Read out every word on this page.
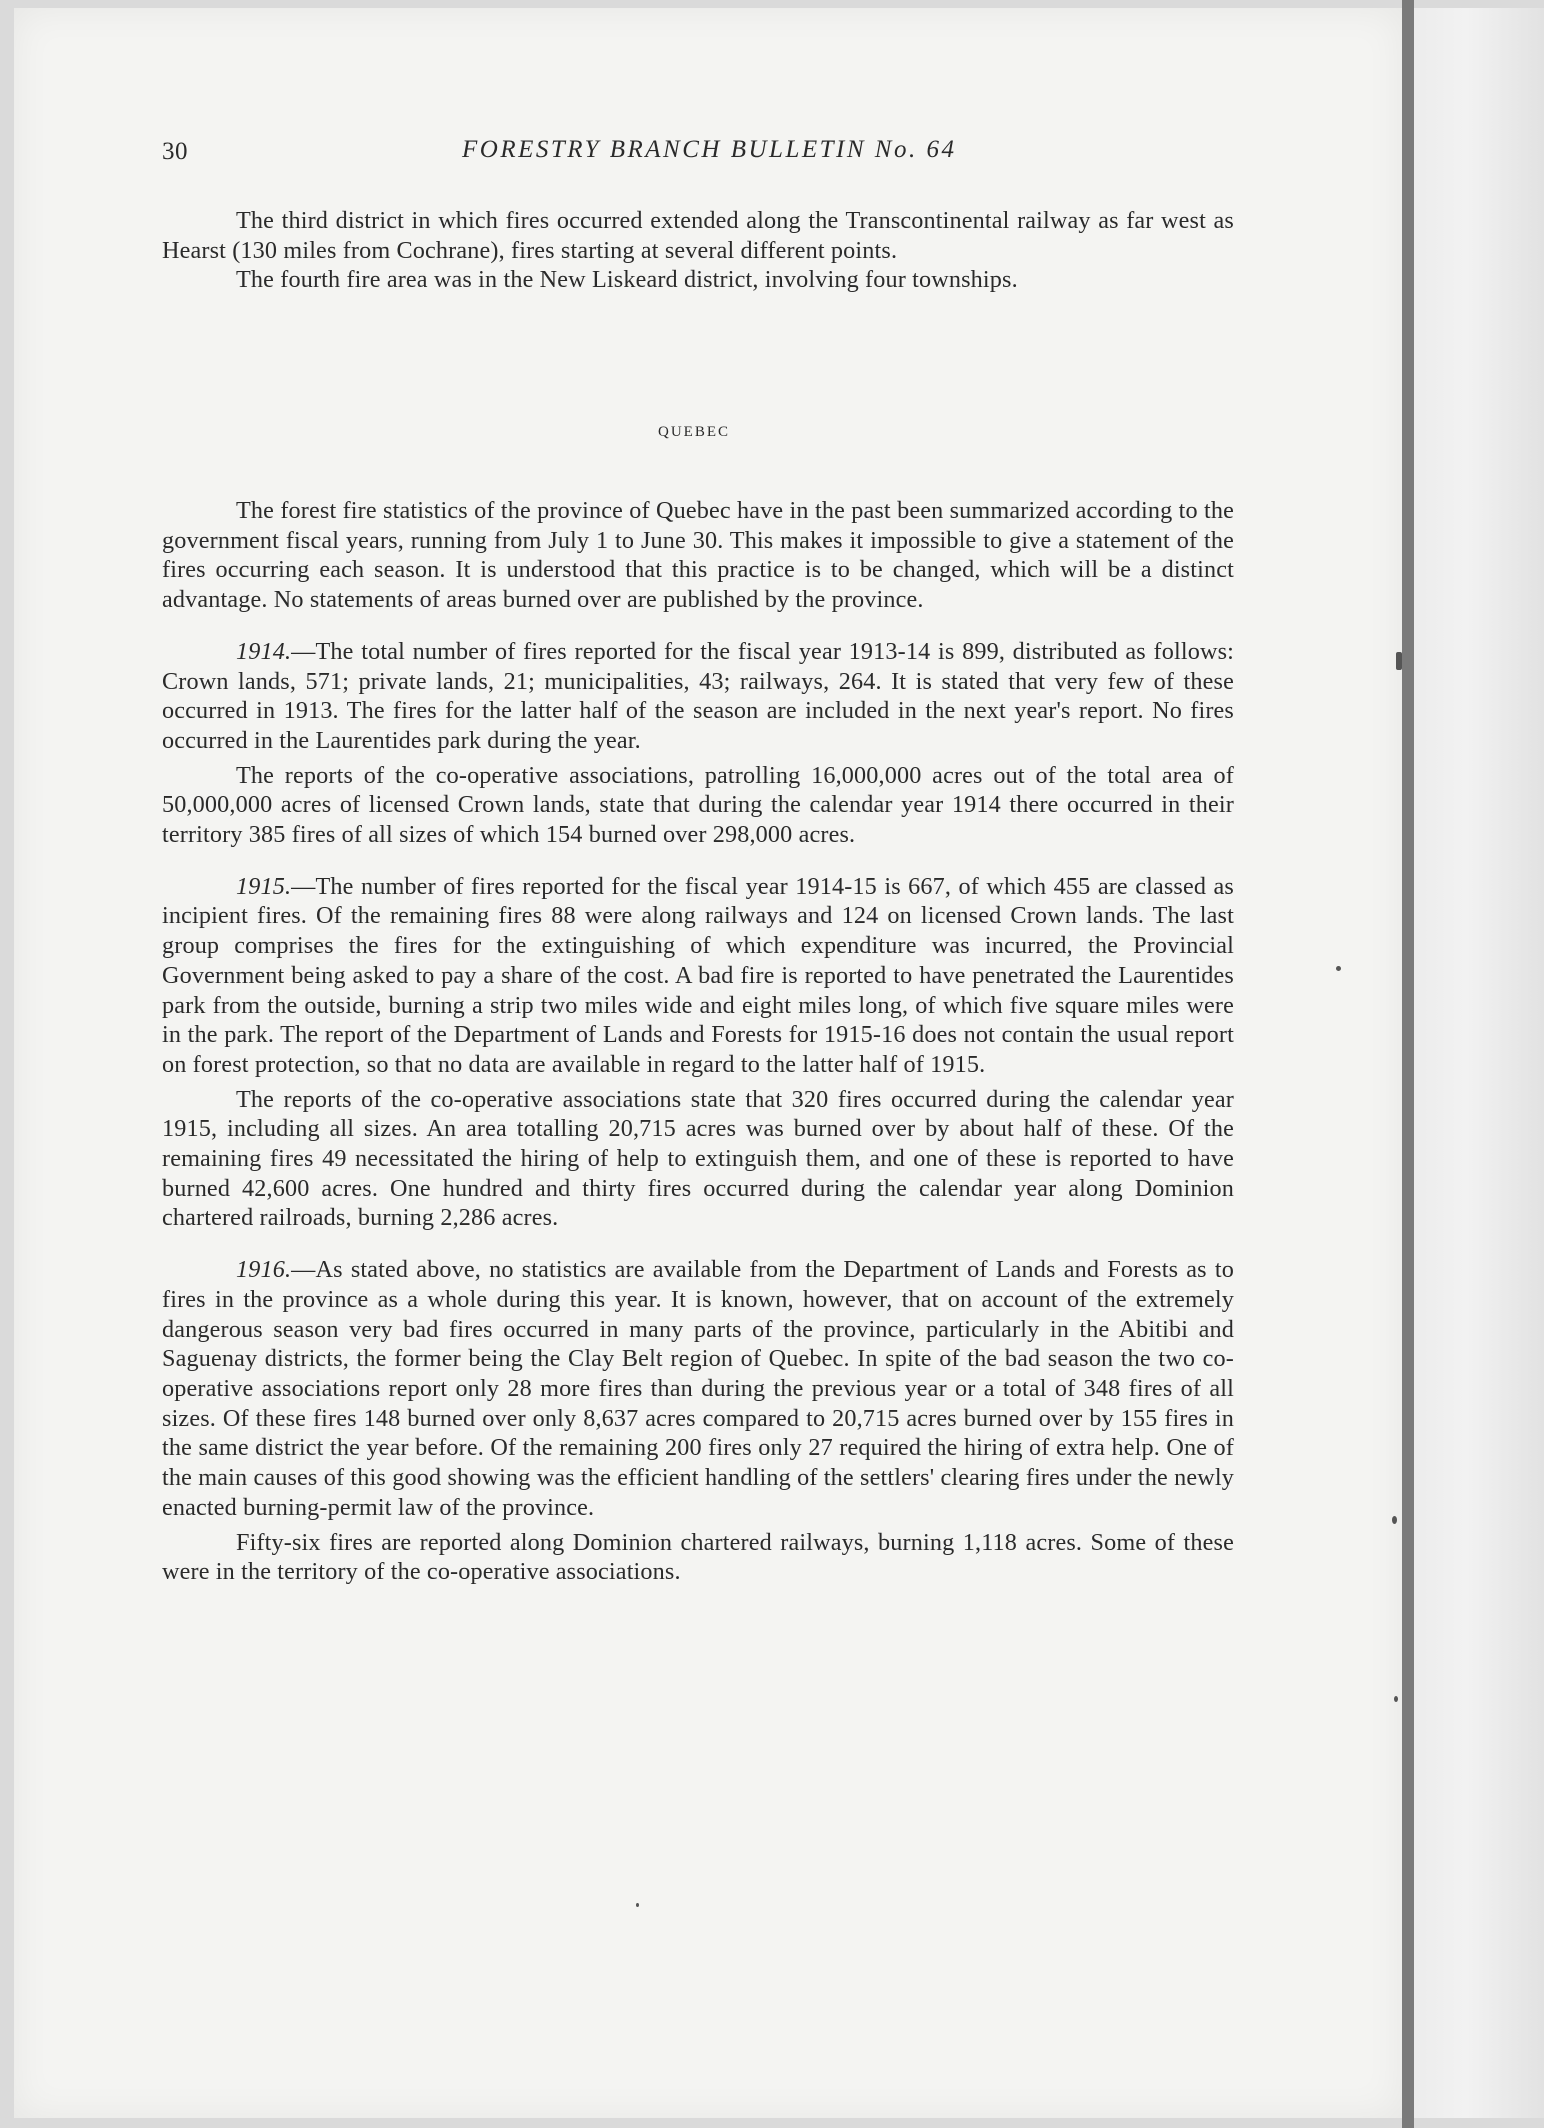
30	FORESTRY BRANCH BULLETIN No. 64

The third district in which fires occurred extended along the Transcontinental railway as far west as Hearst (130 miles from Cochrane), fires starting at several different points.

The fourth fire area was in the New Liskeard district, involving four townships.

QUEBEC

The forest fire statistics of the province of Quebec have in the past been summarized according to the government fiscal years, running from July 1 to June 30. This makes it impossible to give a statement of the fires occurring each season. It is understood that this practice is to be changed, which will be a distinct advantage. No statements of areas burned over are published by the province.

1914.—The total number of fires reported for the fiscal year 1913-14 is 899, distributed as follows: Crown lands, 571; private lands, 21; municipalities, 43; railways, 264. It is stated that very few of these occurred in 1913. The fires for the latter half of the season are included in the next year's report. No fires occurred in the Laurentides park during the year.

The reports of the co-operative associations, patrolling 16,000,000 acres out of the total area of 50,000,000 acres of licensed Crown lands, state that during the calendar year 1914 there occurred in their territory 385 fires of all sizes of which 154 burned over 298,000 acres.

1915.—The number of fires reported for the fiscal year 1914-15 is 667, of which 455 are classed as incipient fires. Of the remaining fires 88 were along railways and 124 on licensed Crown lands. The last group comprises the fires for the extinguishing of which expenditure was incurred, the Provincial Government being asked to pay a share of the cost. A bad fire is reported to have penetrated the Laurentides park from the outside, burning a strip two miles wide and eight miles long, of which five square miles were in the park. The report of the Department of Lands and Forests for 1915-16 does not contain the usual report on forest protection, so that no data are available in regard to the latter half of 1915.

The reports of the co-operative associations state that 320 fires occurred during the calendar year 1915, including all sizes. An area totalling 20,715 acres was burned over by about half of these. Of the remaining fires 49 necessitated the hiring of help to extinguish them, and one of these is reported to have burned 42,600 acres. One hundred and thirty fires occurred during the calendar year along Dominion chartered railroads, burning 2,286 acres.

1916.—As stated above, no statistics are available from the Department of Lands and Forests as to fires in the province as a whole during this year. It is known, however, that on account of the extremely dangerous season very bad fires occurred in many parts of the province, particularly in the Abitibi and Saguenay districts, the former being the Clay Belt region of Quebec. In spite of the bad season the two co-operative associations report only 28 more fires than during the previous year or a total of 348 fires of all sizes. Of these fires 148 burned over only 8,637 acres compared to 20,715 acres burned over by 155 fires in the same district the year before. Of the remaining 200 fires only 27 required the hiring of extra help. One of the main causes of this good showing was the efficient handling of the settlers' clearing fires under the newly enacted burning-permit law of the province.

Fifty-six fires are reported along Dominion chartered railways, burning 1,118 acres. Some of these were in the territory of the co-operative associations.
